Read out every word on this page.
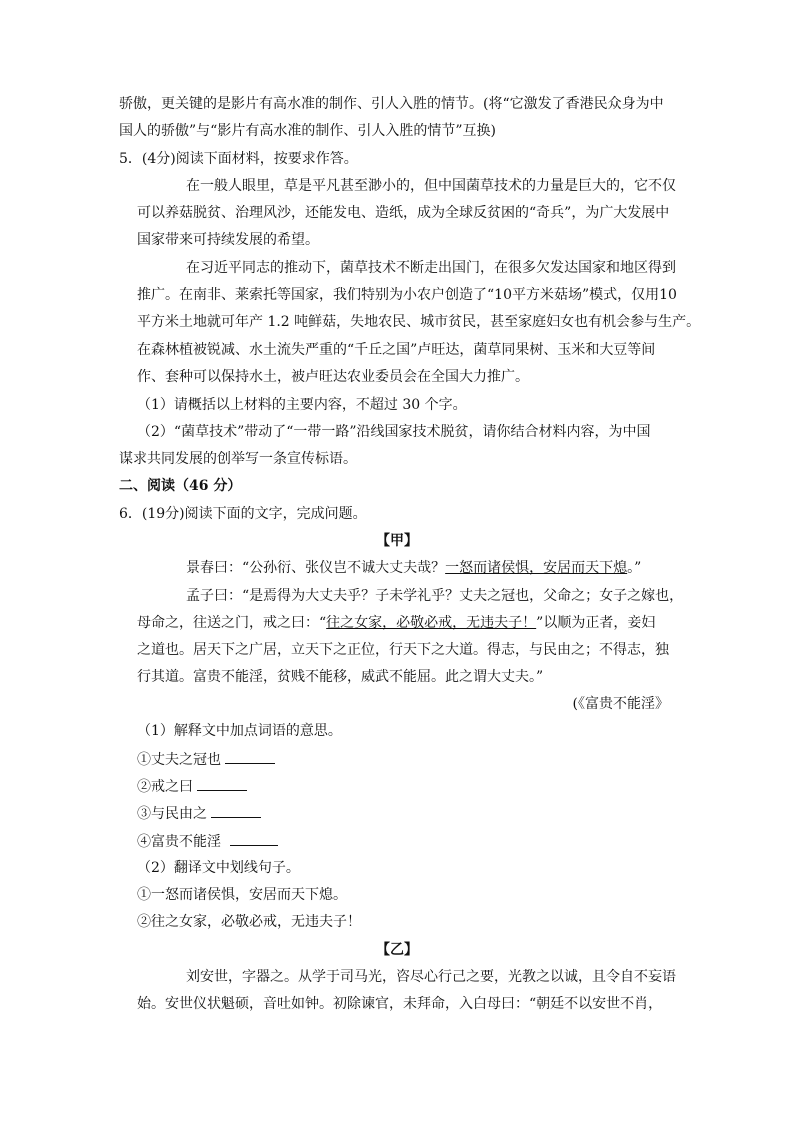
骄傲，更关键的是影片有高水准的制作、引人入胜的情节。(将“它激发了香港民众身为中
国人的骄傲”与“影片有高水准的制作、引人入胜的情节”互换)
5．(4分)阅读下面材料，按要求作答。
在一般人眼里，草是平凡甚至渺小的，但中国菌草技术的力量是巨大的，它不仅
可以养菇脱贫、治理风沙，还能发电、造纸，成为全球反贫困的“奇兵”，为广大发展中
国家带来可持续发展的希望。
在习近平同志的推动下，菌草技术不断走出国门，在很多欠发达国家和地区得到
推广。在南非、莱索托等国家，我们特别为小农户创造了“10平方米菇场”模式，仅用10
平方米土地就可年产 1.2 吨鲜菇，失地农民、城市贫民，甚至家庭妇女也有机会参与生产。
在森林植被锐减、水土流失严重的“千丘之国”卢旺达，菌草同果树、玉米和大豆等间
作、套种可以保持水土，被卢旺达农业委员会在全国大力推广。
（1）请概括以上材料的主要内容，不超过 30 个字。
（2）“菌草技术”带动了“一带一路”沿线国家技术脱贫，请你结合材料内容，为中国
谋求共同发展的创举写一条宣传标语。
二、阅读（46 分）
6．(19分)阅读下面的文字，完成问题。
【甲】
景春曰：“公孙衍、张仪岂不诚大丈夫哉？一怒而诸侯惧，安居而天下熄。”
孟子曰：“是焉得为大丈夫乎？子未学礼乎？丈夫之冠也，父命之；女子之嫁也，
母命之，往送之门，戒之曰：“往之女家，必敬必戒，无违夫子！”以顺为正者，妾妇
之道也。居天下之广居，立天下之正位，行天下之大道。得志，与民由之；不得志，独
行其道。富贵不能淫，贫贱不能移，威武不能屈。此之谓大丈夫。”
(《富贵不能淫》
（1）解释文中加点词语的意思。
①丈夫之冠也
②戒之曰
③与民由之
④富贵不能淫
（2）翻译文中划线句子。
①一怒而诸侯惧，安居而天下熄。
②往之女家，必敬必戒，无违夫子！
【乙】
刘安世，字器之。从学于司马光，咨尽心行己之要，光教之以诚，且令自不妄语
始。安世仪状魁硕，音吐如钟。初除谏官，未拜命，入白母曰：“朝廷不以安世不肖，
